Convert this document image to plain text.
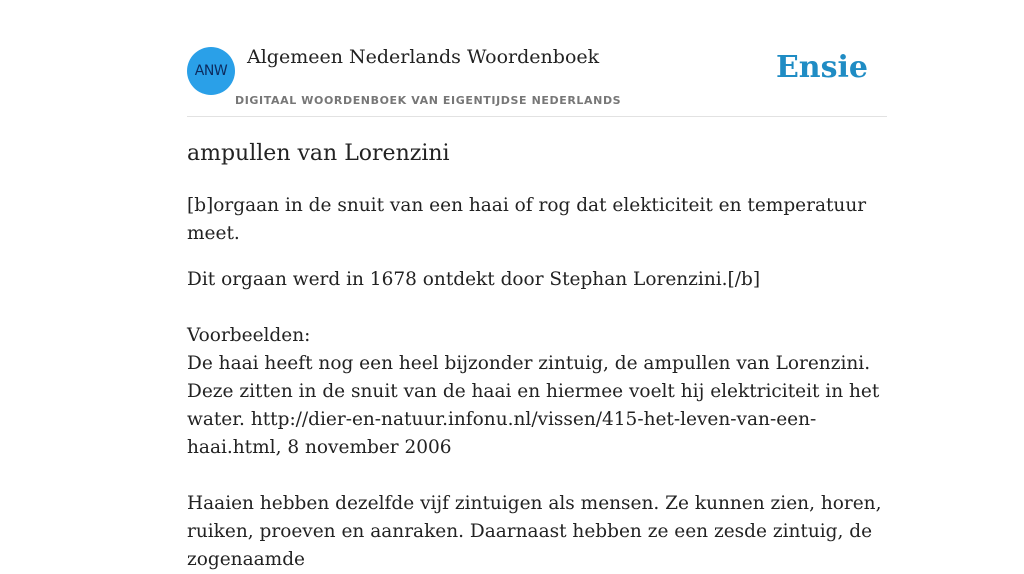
ANW
Algemeen Nederlands Woordenboek
DIGITAAL WOORDENBOEK VAN EIGENTIJDSE NEDERLANDS
Ensie
ampullen van Lorenzini

[b]orgaan in de snuit van een haai of rog dat elekticiteit en temperatuur meet.

Dit orgaan werd in 1678 ontdekt door Stephan Lorenzini.[/b]

Voorbeelden:
De haai heeft nog een heel bijzonder zintuig, de ampullen van Lorenzini. Deze zitten in de snuit van de haai en hiermee voelt hij elektriciteit in het water. http://dier-en-natuur.infonu.nl/vissen/415-het-leven-van-een-haai.html, 8 november 2006

Haaien hebben dezelfde vijf zintuigen als mensen. Ze kunnen zien, horen, ruiken, proeven en aanraken. Daarnaast hebben ze een zesde zintuig, de zogenaamde
